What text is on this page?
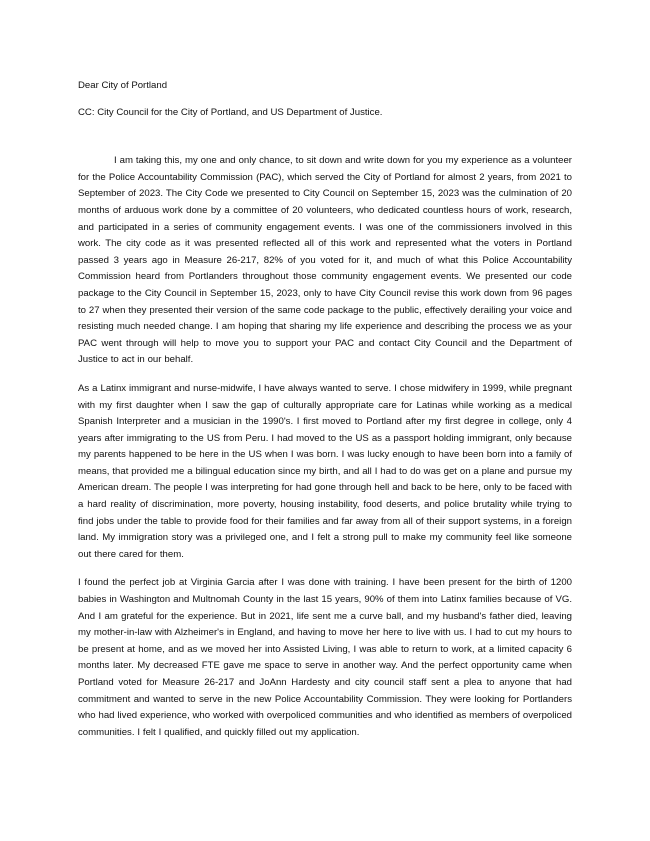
Dear City of Portland

CC: City Council for the City of Portland, and US Department of Justice.

I am taking this, my one and only chance, to sit down and write down for you my experience as a volunteer for the Police Accountability Commission (PAC), which served the City of Portland for almost 2 years, from 2021 to September of 2023. The City Code we presented to City Council on September 15, 2023 was the culmination of 20 months of arduous work done by a committee of 20 volunteers, who dedicated countless hours of work, research, and participated in a series of community engagement events. I was one of the commissioners involved in this work. The city code as it was presented reflected all of this work and represented what the voters in Portland passed 3 years ago in Measure 26-217, 82% of you voted for it, and much of what this Police Accountability Commission heard from Portlanders throughout those community engagement events. We presented our code package to the City Council in September 15, 2023, only to have City Council revise this work down from 96 pages to 27 when they presented their version of the same code package to the public, effectively derailing your voice and resisting much needed change. I am hoping that sharing my life experience and describing the process we as your PAC went through will help to move you to support your PAC and contact City Council and the Department of Justice to act in our behalf.

As a Latinx immigrant and nurse-midwife, I have always wanted to serve. I chose midwifery in 1999, while pregnant with my first daughter when I saw the gap of culturally appropriate care for Latinas while working as a medical Spanish Interpreter and a musician in the 1990's. I first moved to Portland after my first degree in college, only 4 years after immigrating to the US from Peru. I had moved to the US as a passport holding immigrant, only because my parents happened to be here in the US when I was born. I was lucky enough to have been born into a family of means, that provided me a bilingual education since my birth, and all I had to do was get on a plane and pursue my American dream. The people I was interpreting for had gone through hell and back to be here, only to be faced with a hard reality of discrimination, more poverty, housing instability, food deserts, and police brutality while trying to find jobs under the table to provide food for their families and far away from all of their support systems, in a foreign land. My immigration story was a privileged one, and I felt a strong pull to make my community feel like someone out there cared for them.

I found the perfect job at Virginia Garcia after I was done with training. I have been present for the birth of 1200 babies in Washington and Multnomah County in the last 15 years, 90% of them into Latinx families because of VG. And I am grateful for the experience. But in 2021, life sent me a curve ball, and my husband's father died, leaving my mother-in-law with Alzheimer's in England, and having to move her here to live with us. I had to cut my hours to be present at home, and as we moved her into Assisted Living, I was able to return to work, at a limited capacity 6 months later. My decreased FTE gave me space to serve in another way. And the perfect opportunity came when Portland voted for Measure 26-217 and JoAnn Hardesty and city council staff sent a plea to anyone that had commitment and wanted to serve in the new Police Accountability Commission. They were looking for Portlanders who had lived experience, who worked with overpoliced communities and who identified as members of overpoliced communities. I felt I qualified, and quickly filled out my application.
